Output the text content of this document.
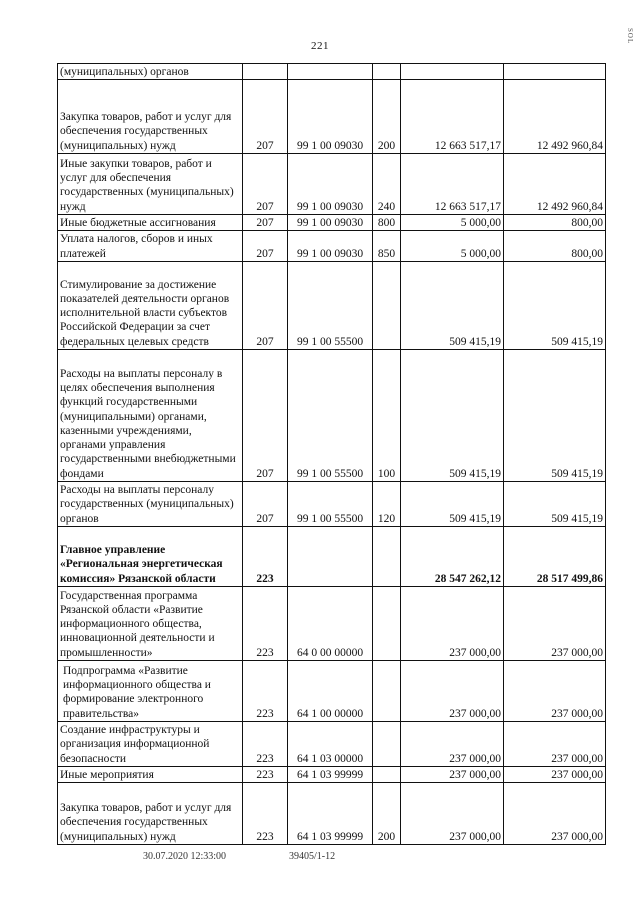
221
SOL
(муниципальных) органов					
Закупка товаров, работ и услуг для обеспечения государственных (муниципальных) нужд	207	99 1 00 09030	200	12 663 517,17	12 492 960,84
Иные закупки товаров, работ и услуг для обеспечения государственных (муниципальных) нужд	207	99 1 00 09030	240	12 663 517,17	12 492 960,84
Иные бюджетные ассигнования	207	99 1 00 09030	800	5 000,00	800,00
Уплата налогов, сборов и иных платежей	207	99 1 00 09030	850	5 000,00	800,00
Стимулирование за достижение показателей деятельности органов исполнительной власти субъектов Российской Федерации за счет федеральных целевых средств	207	99 1 00 55500		509 415,19	509 415,19
Расходы на выплаты персоналу в целях обеспечения выполнения функций государственными (муниципальными) органами, казенными учреждениями, органами управления государственными внебюджетными фондами	207	99 1 00 55500	100	509 415,19	509 415,19
Расходы на выплаты персоналу государственных (муниципальных) органов	207	99 1 00 55500	120	509 415,19	509 415,19
Главное управление «Региональная энергетическая комиссия» Рязанской области	223			28 547 262,12	28 517 499,86
Государственная программа Рязанской области «Развитие информационного общества, инновационной деятельности и промышленности»	223	64 0 00 00000		237 000,00	237 000,00
Подпрограмма «Развитие информационного общества и формирование электронного правительства»	223	64 1 00 00000		237 000,00	237 000,00
Создание инфраструктуры и организация информационной безопасности	223	64 1 03 00000		237 000,00	237 000,00
Иные мероприятия	223	64 1 03 99999		237 000,00	237 000,00
Закупка товаров, работ и услуг для обеспечения государственных (муниципальных) нужд	223	64 1 03 99999	200	237 000,00	237 000,00
30.07.2020 12:33:00	39405/1-12
